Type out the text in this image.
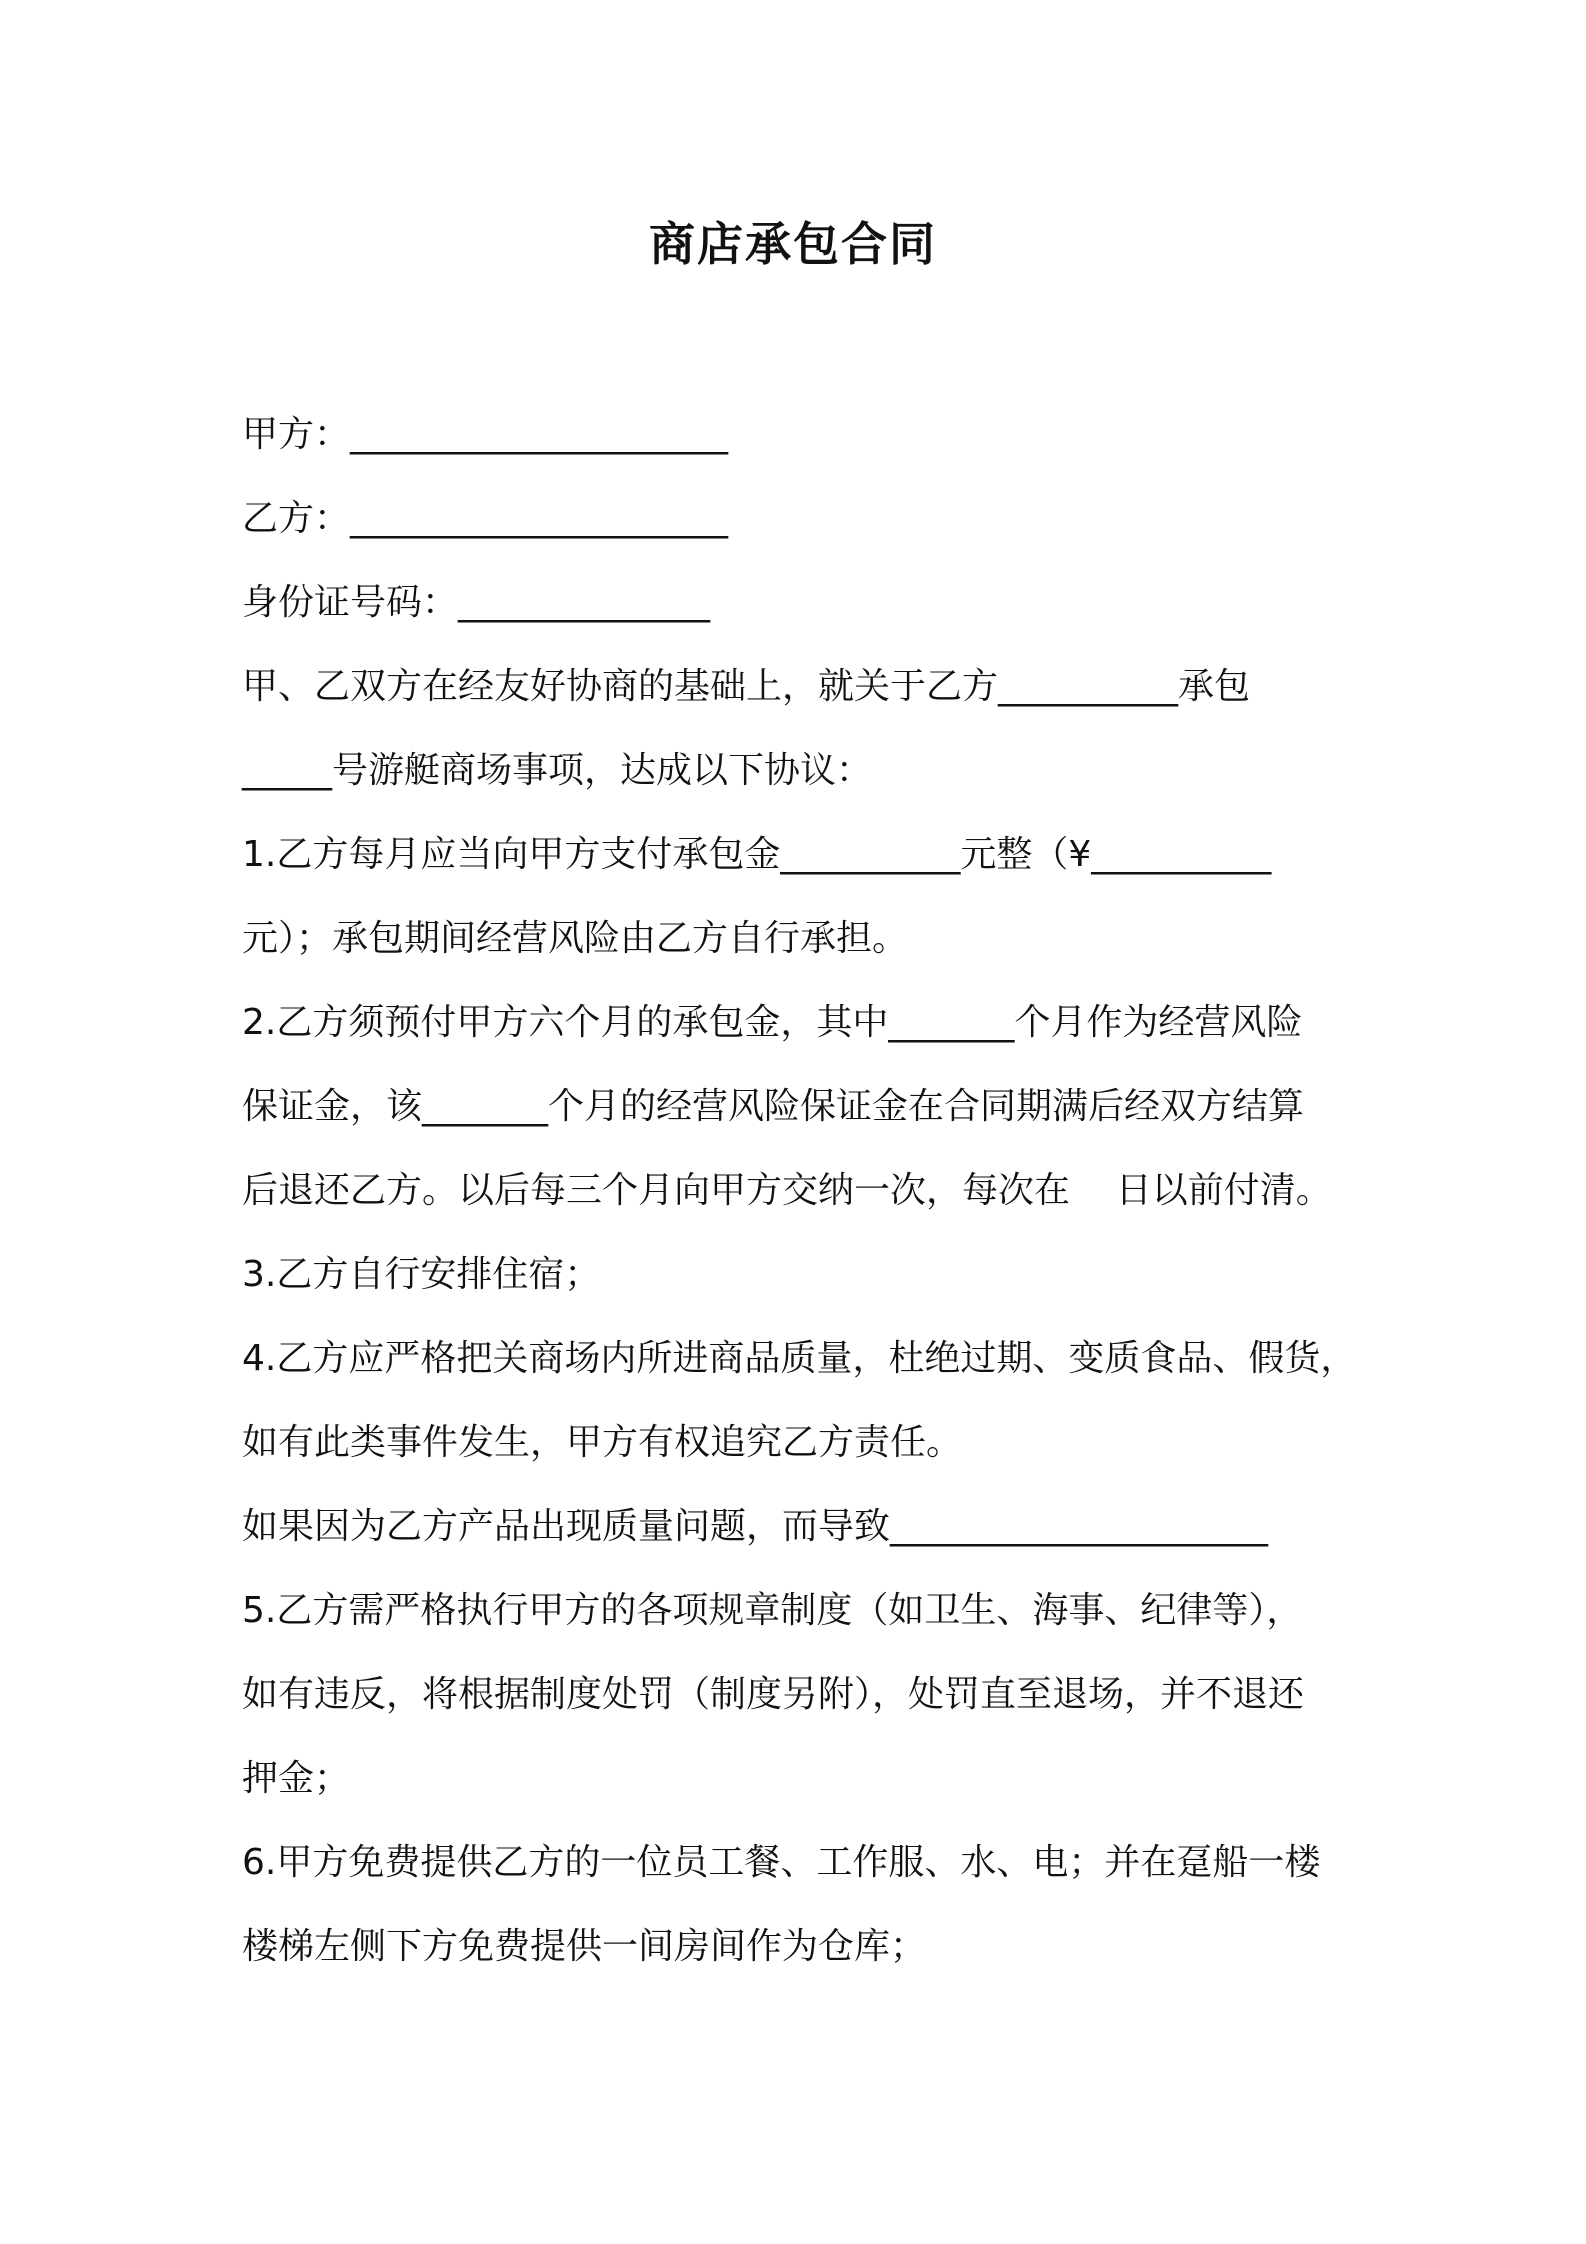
商店承包合同
甲方：_____________________
乙方：_____________________
身份证号码：______________
甲、乙双方在经友好协商的基础上，就关于乙方__________承包
_____号游艇商场事项，达成以下协议：
1.乙方每月应当向甲方支付承包金__________元整（¥__________
元）；承包期间经营风险由乙方自行承担。
2.乙方须预付甲方六个月的承包金，其中_______个月作为经营风险
保证金，该_______个月的经营风险保证金在合同期满后经双方结算
后退还乙方。以后每三个月向甲方交纳一次，每次在    日以前付清。
3.乙方自行安排住宿；
4.乙方应严格把关商场内所进商品质量，杜绝过期、变质食品、假货，
如有此类事件发生，甲方有权追究乙方责任。
如果因为乙方产品出现质量问题，而导致_____________________
5.乙方需严格执行甲方的各项规章制度（如卫生、海事、纪律等），
如有违反，将根据制度处罚（制度另附），处罚直至退场，并不退还
押金；
6.甲方免费提供乙方的一位员工餐、工作服、水、电；并在趸船一楼
楼梯左侧下方免费提供一间房间作为仓库；
